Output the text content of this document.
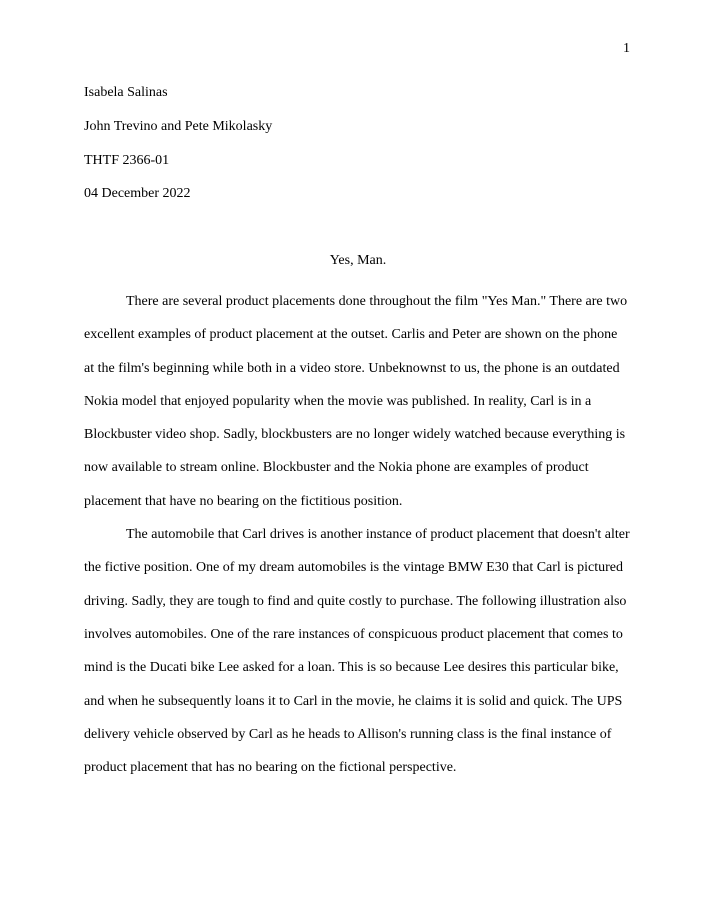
1
Isabela Salinas
John Trevino and Pete Mikolasky
THTF 2366-01
04 December 2022
Yes, Man.

There are several product placements done throughout the film "Yes Man." There are two
excellent examples of product placement at the outset. Carlis and Peter are shown on the phone
at the film's beginning while both in a video store. Unbeknownst to us, the phone is an outdated
Nokia model that enjoyed popularity when the movie was published. In reality, Carl is in a
Blockbuster video shop. Sadly, blockbusters are no longer widely watched because everything is
now available to stream online. Blockbuster and the Nokia phone are examples of product
placement that have no bearing on the fictitious position.

The automobile that Carl drives is another instance of product placement that doesn't alter
the fictive position. One of my dream automobiles is the vintage BMW E30 that Carl is pictured
driving. Sadly, they are tough to find and quite costly to purchase. The following illustration also
involves automobiles. One of the rare instances of conspicuous product placement that comes to
mind is the Ducati bike Lee asked for a loan. This is so because Lee desires this particular bike,
and when he subsequently loans it to Carl in the movie, he claims it is solid and quick. The UPS
delivery vehicle observed by Carl as he heads to Allison's running class is the final instance of
product placement that has no bearing on the fictional perspective.
